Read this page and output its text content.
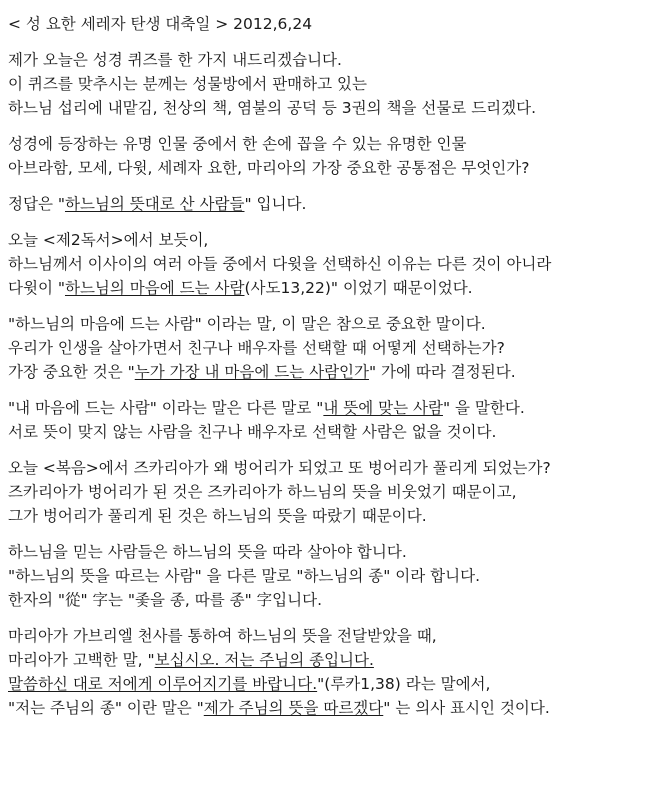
< 성 요한 세레자 탄생 대축일 > 2012,6,24
제가 오늘은 성경 퀴즈를 한 가지 내드리겠습니다.
이 퀴즈를 맞추시는 분께는 성물방에서 판매하고 있는
하느님 섭리에 내맡김, 천상의 책, 염불의 공덕 등 3권의 책을 선물로 드리겠다.
성경에 등장하는 유명 인물 중에서 한 손에 꼽을 수 있는 유명한 인물
아브라함, 모세, 다윗, 세례자 요한, 마리아의 가장 중요한 공통점은 무엇인가?
정답은 "하느님의 뜻대로 산 사람들" 입니다.
오늘 <제2독서>에서 보듯이,
하느님께서 이사이의 여러 아들 중에서 다윗을 선택하신 이유는 다른 것이 아니라
다윗이 "하느님의 마음에 드는 사람(사도13,22)" 이었기 때문이었다.
"하느님의 마음에 드는 사람" 이라는 말, 이 말은 참으로 중요한 말이다.
우리가 인생을 살아가면서 친구나 배우자를 선택할 때 어떻게 선택하는가?
가장 중요한 것은 "누가 가장 내 마음에 드는 사람인가" 가에 따라 결정된다.
"내 마음에 드는 사람" 이라는 말은 다른 말로 "내 뜻에 맞는 사람" 을 말한다.
서로 뜻이 맞지 않는 사람을 친구나 배우자로 선택할 사람은 없을 것이다.
오늘 <복음>에서 즈카리아가 왜 벙어리가 되었고 또 벙어리가 풀리게 되었는가?
즈카리아가 벙어리가 된 것은 즈카리아가 하느님의 뜻을 비웃었기 때문이고,
그가 벙어리가 풀리게 된 것은 하느님의 뜻을 따랐기 때문이다.
하느님을 믿는 사람들은 하느님의 뜻을 따라 살아야 합니다.
"하느님의 뜻을 따르는 사람" 을 다른 말로 "하느님의 종" 이라 합니다.
한자의 "從" 字는 "좇을 종, 따를 종" 字입니다.
마리아가 가브리엘 천사를 통하여 하느님의 뜻을 전달받았을 때,
마리아가 고백한 말, "보십시오. 저는 주님의 종입니다.
말씀하신 대로 저에게 이루어지기를 바랍니다."(루카1,38) 라는 말에서,
"저는 주님의 종" 이란 말은 "제가 주님의 뜻을 따르겠다" 는 의사 표시인 것이다.
